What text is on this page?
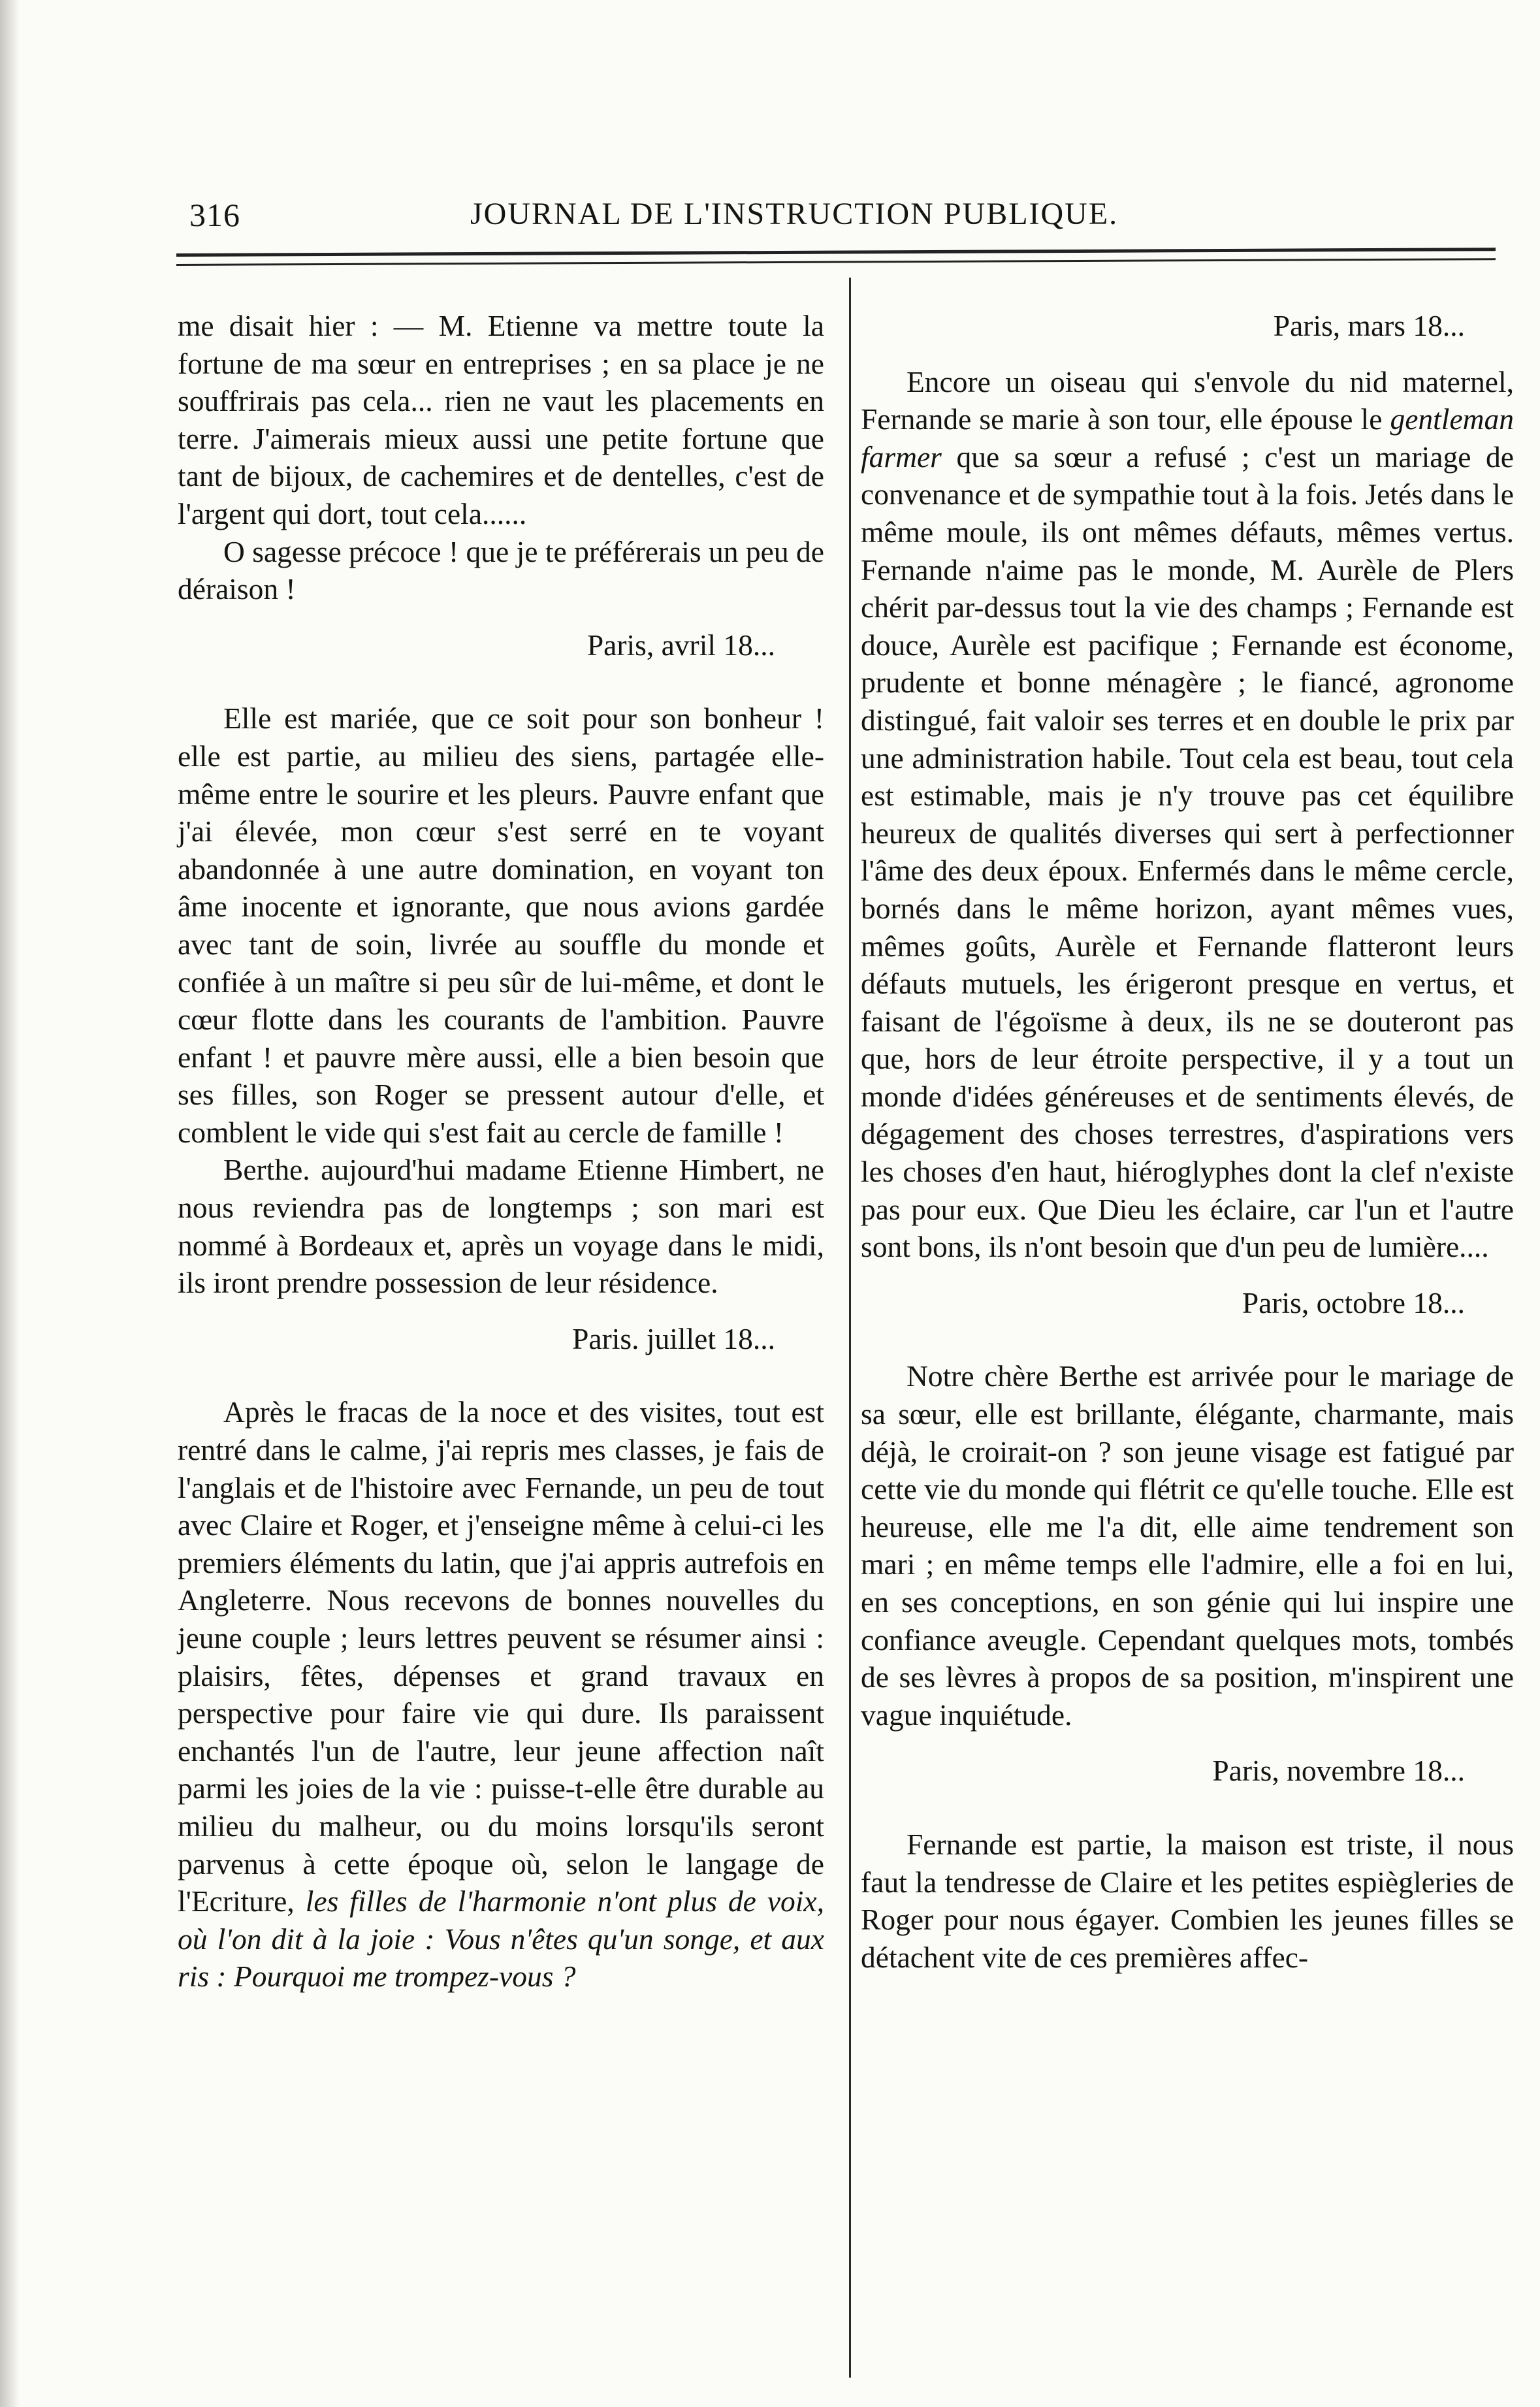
316	JOURNAL DE L'INSTRUCTION PUBLIQUE.

me disait hier : — M. Etienne va mettre toute la fortune de ma sœur en entreprises ; en sa place je ne souffrirais pas cela... rien ne vaut les placements en terre. J'aimerais mieux aussi une petite fortune que tant de bijoux, de cachemires et de dentelles, c'est de l'argent qui dort, tout cela......

O sagesse précoce ! que je te préférerais un peu de déraison !

Paris, avril 18...

Elle est mariée, que ce soit pour son bonheur ! elle est partie, au milieu des siens, partagée elle-même entre le sourire et les pleurs. Pauvre enfant que j'ai élevée, mon cœur s'est serré en te voyant abandonnée à une autre domination, en voyant ton âme inocente et ignorante, que nous avions gardée avec tant de soin, livrée au souffle du monde et confiée à un maître si peu sûr de lui-même, et dont le cœur flotte dans les courants de l'ambition. Pauvre enfant ! et pauvre mère aussi, elle a bien besoin que ses filles, son Roger se pressent autour d'elle, et comblent le vide qui s'est fait au cercle de famille !

Berthe. aujourd'hui madame Etienne Himbert, ne nous reviendra pas de longtemps ; son mari est nommé à Bordeaux et, après un voyage dans le midi, ils iront prendre possession de leur résidence.

Paris. juillet 18...

Après le fracas de la noce et des visites, tout est rentré dans le calme, j'ai repris mes classes, je fais de l'anglais et de l'histoire avec Fernande, un peu de tout avec Claire et Roger, et j'enseigne même à celui-ci les premiers éléments du latin, que j'ai appris autrefois en Angleterre. Nous recevons de bonnes nouvelles du jeune couple ; leurs lettres peuvent se résumer ainsi : plaisirs, fêtes, dépenses et grand travaux en perspective pour faire vie qui dure. Ils paraissent enchantés l'un de l'autre, leur jeune affection naît parmi les joies de la vie : puisse-t-elle être durable au milieu du malheur, ou du moins lorsqu'ils seront parvenus à cette époque où, selon le langage de l'Ecriture, les filles de l'harmonie n'ont plus de voix, où l'on dit à la joie : Vous n'êtes qu'un songe, et aux ris : Pourquoi me trompez-vous ?

Paris, mars 18...

Encore un oiseau qui s'envole du nid maternel, Fernande se marie à son tour, elle épouse le gentleman farmer que sa sœur a refusé ; c'est un mariage de convenance et de sympathie tout à la fois. Jetés dans le même moule, ils ont mêmes défauts, mêmes vertus. Fernande n'aime pas le monde, M. Aurèle de Plers chérit par-dessus tout la vie des champs ; Fernande est douce, Aurèle est pacifique ; Fernande est économe, prudente et bonne ménagère ; le fiancé, agronome distingué, fait valoir ses terres et en double le prix par une administration habile. Tout cela est beau, tout cela est estimable, mais je n'y trouve pas cet équilibre heureux de qualités diverses qui sert à perfectionner l'âme des deux époux. Enfermés dans le même cercle, bornés dans le même horizon, ayant mêmes vues, mêmes goûts, Aurèle et Fernande flatteront leurs défauts mutuels, les érigeront presque en vertus, et faisant de l'égoïsme à deux, ils ne se douteront pas que, hors de leur étroite perspective, il y a tout un monde d'idées généreuses et de sentiments élevés, de dégagement des choses terrestres, d'aspirations vers les choses d'en haut, hiéroglyphes dont la clef n'existe pas pour eux. Que Dieu les éclaire, car l'un et l'autre sont bons, ils n'ont besoin que d'un peu de lumière....

Paris, octobre 18...

Notre chère Berthe est arrivée pour le mariage de sa sœur, elle est brillante, élégante, charmante, mais déjà, le croirait-on ? son jeune visage est fatigué par cette vie du monde qui flétrit ce qu'elle touche. Elle est heureuse, elle me l'a dit, elle aime tendrement son mari ; en même temps elle l'admire, elle a foi en lui, en ses conceptions, en son génie qui lui inspire une confiance aveugle. Cependant quelques mots, tombés de ses lèvres à propos de sa position, m'inspirent une vague inquiétude.

Paris, novembre 18...

Fernande est partie, la maison est triste, il nous faut la tendresse de Claire et les petites espiègleries de Roger pour nous égayer. Combien les jeunes filles se détachent vite de ces premières affec-
